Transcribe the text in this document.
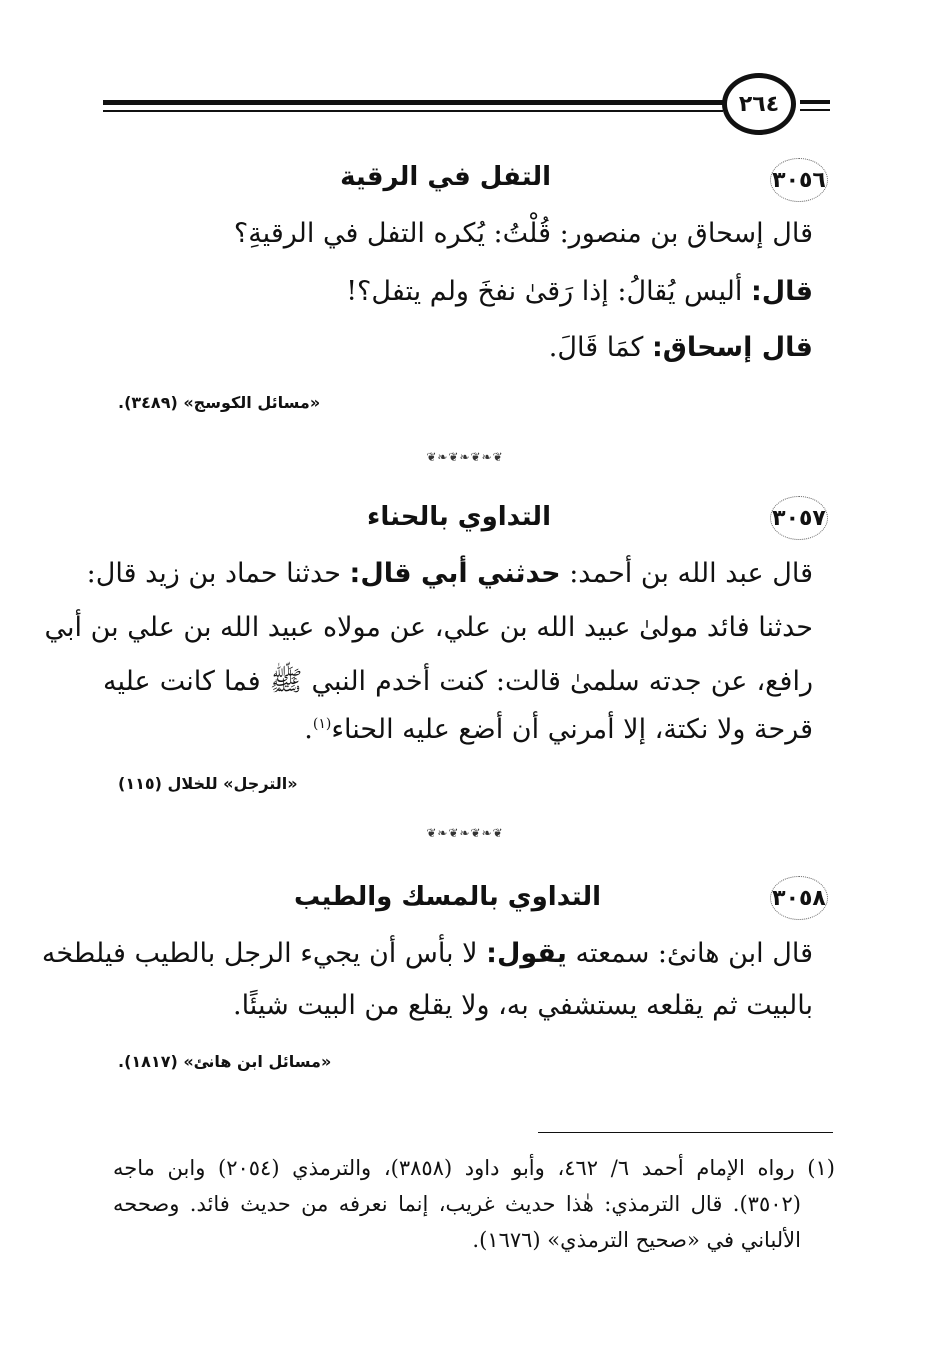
٢٦٤
٣٠٥٦
التفل في الرقية
قال إسحاق بن منصور: قُلْتُ: يُكره التفل في الرقيةِ؟
قال: أليس يُقالُ: إذا رَقىٰ نفخَ ولم يتفل؟!
قال إسحاق: كمَا قَالَ.
«مسائل الكوسج» (٣٤٨٩).
❦❧❦❧❦❧❦
٣٠٥٧
التداوي بالحناء
قال عبد الله بن أحمد: حدثني أبي قال: حدثنا حماد بن زيد قال:
حدثنا فائد مولىٰ عبيد الله بن علي، عن مولاه عبيد الله بن علي بن أبي
رافع، عن جدته سلمىٰ قالت: كنت أخدم النبي ﷺ فما كانت عليه
قرحة ولا نكتة، إلا أمرني أن أضع عليه الحناء$^{(١)}$.
«الترجل» للخلال (١١٥)
❦❧❦❧❦❧❦
٣٠٥٨
التداوي بالمسك والطيب
قال ابن هانئ: سمعته يقول: لا بأس أن يجيء الرجل بالطيب فيلطخه
بالبيت ثم يقلعه يستشفي به، ولا يقلع من البيت شيئًا.
«مسائل ابن هانئ» (١٨١٧).
(١) رواه الإمام أحمد ٦/ ٤٦٢، وأبو داود (٣٨٥٨)، والترمذي (٢٠٥٤) وابن ماجه
(٣٥٠٢). قال الترمذي: هٰذا حديث غريب، إنما نعرفه من حديث فائد. وصححه
الألباني في «صحيح الترمذي» (١٦٧٦).
